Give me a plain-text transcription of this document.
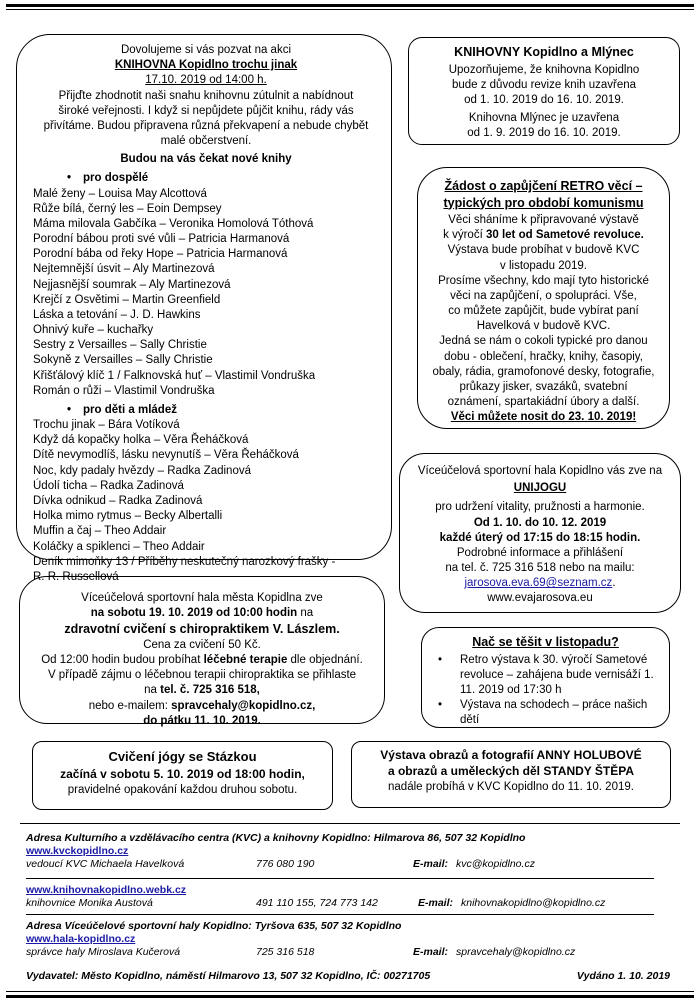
Dovolujeme si vás pozvat na akci
KNIHOVNA Kopidlno trochu jinak
17.10. 2019 od 14:00 h.
Přijďte zhodnotit naši snahu knihovnu zútulnit a nabídnout široké veřejnosti. I když si nepůjdete půjčit knihu, rády vás přivítáme. Budou připravena různá překvapení a nebude chybět malé občerstvení.
Budou na vás čekat nové knihy
• pro dospělé
Malé ženy – Louisa May Alcottová
Růže bílá, černý les – Eoin Dempsey
Máma milovala Gabčíka – Veronika Homolová Tóthová
Porodní bábou proti své vůli – Patricia Harmanová
Porodní bába od řeky Hope – Patricia Harmanová
Nejtemnější úsvit – Aly Martinezová
Nejjasnější soumrak – Aly Martinezová
Krejčí z Osvětimi – Martin Greenfield
Láska a tetování – J. D. Hawkins
Ohnivý kuře – kuchařky
Sestry z Versailles – Sally Christie
Sokyně z Versailles – Sally Christie
Křišťálový klíč 1 / Falknovská huť – Vlastimil Vondruška
Román o růži – Vlastimil Vondruška
• pro děti a mládež
Trochu jinak – Bára Votíková
Když dá kopačky holka – Věra Řeháčková
Dítě nevymodlíš, lásku nevynutíš – Věra Řeháčková
Noc, kdy padaly hvězdy – Radka Zadinová
Údolí ticha – Radka Zadinová
Dívka odnikud – Radka Zadinová
Holka mimo rytmus – Becky Albertalli
Muffin a čaj – Theo Addair
Koláčky a spiklenci – Theo Addair
Deník mimoňky 13 / Příběhy neskutečný narozkový frašky -
R. R. Russellová
KNIHOVNY Kopidlno a Mlýnec
Upozorňujeme, že knihovna Kopidlno
bude z důvodu revize knih uzavřena
od 1. 10. 2019 do 16. 10. 2019.
Knihovna Mlýnec je uzavřena
od 1. 9. 2019 do 16. 10. 2019.
Žádost o zapůjčení RETRO věcí –
typických pro období komunismu
Věci sháníme k připravované výstavě
k výročí 30 let od Sametové revoluce.
Výstava bude probíhat v budově KVC
v listopadu 2019.
Prosíme všechny, kdo mají tyto historické
věci na zapůjčení, o spolupráci. Vše,
co můžete zapůjčit, bude vybírat paní
Havelková v budově KVC.
Jedná se nám o cokoli typické pro danou
dobu - oblečení, hračky, knihy, časopiy,
obaly, rádia, gramofonové desky, fotografie,
průkazy jisker, svazáků, svatební
oznámení, spartakiádní úbory a další.
Věci můžete nosit do 23. 10. 2019!
Víceúčelová sportovní hala Kopidlno vás zve na
UNIJOGU
pro udržení vitality, pružnosti a harmonie.
Od 1. 10. do 10. 12. 2019
každé úterý od 17:15 do 18:15 hodin.
Podrobné informace a přihlášení
na tel. č. 725 316 518 nebo na mailu:
jarosova.eva.69@seznam.cz.
www.evajarosova.eu
Víceúčelová sportovní hala města Kopidlna zve
na sobotu 19. 10. 2019 od 10:00 hodin na
zdravotní cvičení s chiropraktikem V. Lászlem.
Cena za cvičení 50 Kč.
Od 12:00 hodin budou probíhat léčebné terapie dle objednání.
V případě zájmu o léčebnou terapii chiropraktika se přihlaste
na tel. č. 725 316 518,
nebo e-mailem: spravcehaly@kopidlno.cz,
do pátku 11. 10. 2019.
Nač se těšit v listopadu?
• Retro výstava k 30. výročí Sametové revoluce – zahájena bude vernisáží 1. 11. 2019 od 17:30 h
• Výstava na schodech – práce našich dětí
Cvičení jógy se Stázkou
začíná v sobotu 5. 10. 2019 od 18:00 hodin,
pravidelné opakování každou druhou sobotu.
Výstava obrazů a fotografií ANNY HOLUBOVÉ
a obrazů a uměleckých děl STANDY ŠTĚPA
nadále probíhá v KVC Kopidlno do 11. 10. 2019.
Adresa Kulturního a vzdělávacího centra (KVC) a knihovny Kopidlno: Hilmarova 86, 507 32 Kopidlno
www.kvckopidlno.cz
vedoucí KVC Michaela Havelková	776 080 190	E-mail: kvc@kopidlno.cz
www.knihovnakopidlno.webk.cz
knihovnice Monika Austová	491 110 155, 724 773 142	E-mail: knihovnakopidlno@kopidlno.cz
Adresa Víceúčelové sportovní haly Kopidlno: Tyršova 635, 507 32 Kopidlno
www.hala-kopidlno.cz
správce haly Miroslava Kučerová	725 316 518	E-mail: spravcehaly@kopidlno.cz
Vydavatel: Město Kopidlno, náměstí Hilmarovo 13, 507 32 Kopidlno, IČ: 00271705	Vydáno 1. 10. 2019
